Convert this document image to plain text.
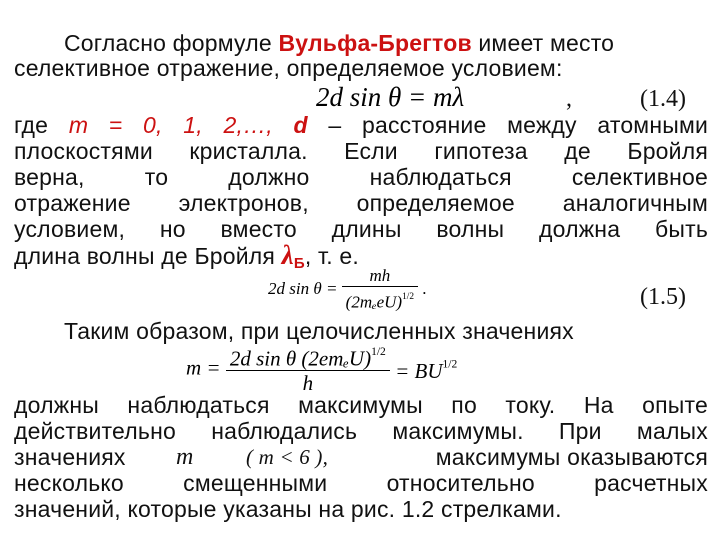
Согласно формуле Вульфа-Брегтов имеет место
селективное отражение, определяемое условием:
2d sin θ = mλ	,	(1.4)
где m = 0, 1, 2,…, d – расстояние между атомными
плоскостями кристалла. Если гипотеза де Бройля
верна, то должно наблюдаться селективное
отражение электронов, определяемое аналогичным
условием, но вместо длины волны должна быть
длина волны де Бройля λБ, т. е.
2d $\sin \theta = \frac{mh}{(2m_eeU)^{1/2}}$ .	(1.5)
Таким образом, при целочисленных значениях
$m = \frac{2d \sin \theta (2em_eU)^{1/2}}{h} = BU^{1/2}$
должны наблюдаться максимумы по току. На опыте
действительно наблюдались максимумы. При малых
значениях m ( m < 6 ),	максимумы оказываются
несколько смещенными относительно расчетных
значений, которые указаны на рис. 1.2 стрелками.
